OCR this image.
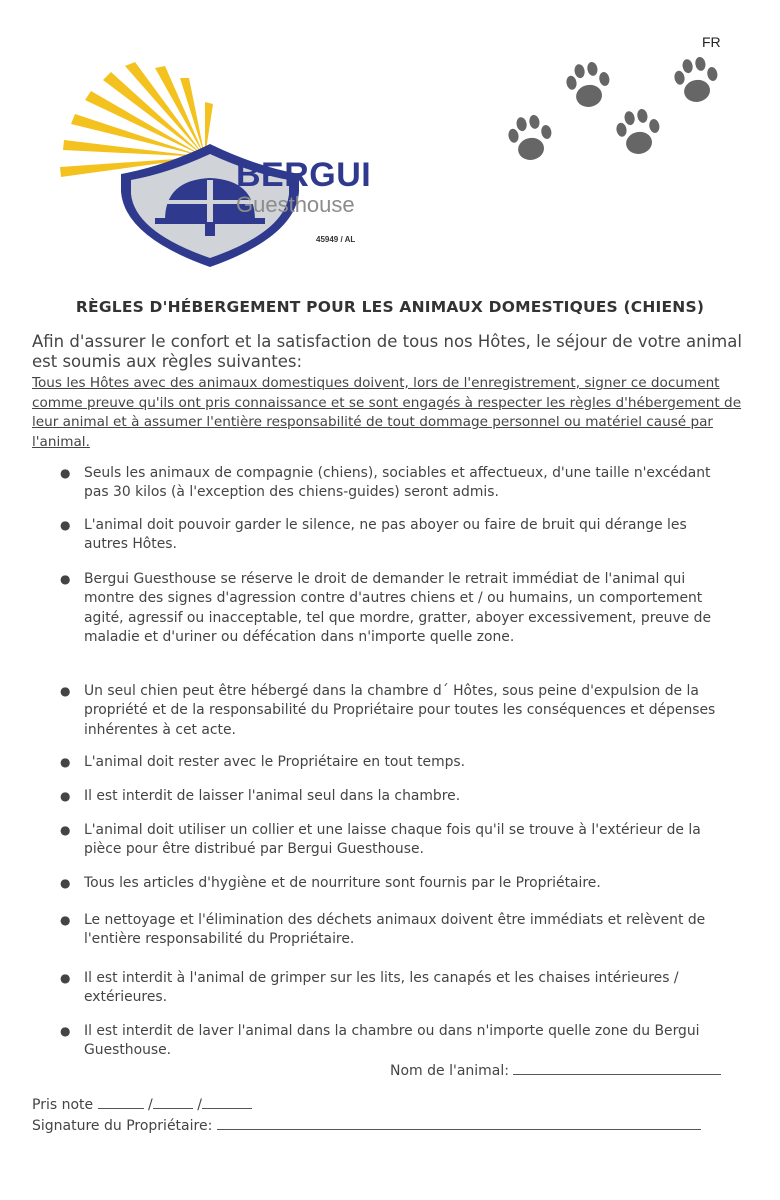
FR
BERGUI
Guesthouse
45949 / AL
RÈGLES D'HÉBERGEMENT POUR LES ANIMAUX DOMESTIQUES (CHIENS)
Afin d'assurer le confort et la satisfaction de tous nos Hôtes, le séjour de votre animal est soumis aux règles suivantes:
Tous les Hôtes avec des animaux domestiques doivent, lors de l'enregistrement, signer ce document comme preuve qu'ils ont pris connaissance et se sont engagés à respecter les règles d'hébergement de leur animal et à assumer l'entière responsabilité de tout dommage personnel ou matériel causé par l'animal.
● Seuls les animaux de compagnie (chiens), sociables et affectueux, d'une taille n'excédant pas 30 kilos (à l'exception des chiens-guides) seront admis.
● L'animal doit pouvoir garder le silence, ne pas aboyer ou faire de bruit qui dérange les autres Hôtes.
● Bergui Guesthouse se réserve le droit de demander le retrait immédiat de l'animal qui montre des signes d'agression contre d'autres chiens et / ou humains, un comportement agité, agressif ou inacceptable, tel que mordre, gratter, aboyer excessivement, preuve de maladie et d'uriner ou défécation dans n'importe quelle zone.
● Un seul chien peut être hébergé dans la chambre d´ Hôtes, sous peine d'expulsion de la propriété et de la responsabilité du Propriétaire pour toutes les conséquences et dépenses inhérentes à cet acte.
● L'animal doit rester avec le Propriétaire en tout temps.
● Il est interdit de laisser l'animal seul dans la chambre.
● L'animal doit utiliser un collier et une laisse chaque fois qu'il se trouve à l'extérieur de la pièce pour être distribué par Bergui Guesthouse.
● Tous les articles d'hygiène et de nourriture sont fournis par le Propriétaire.
● Le nettoyage et l'élimination des déchets animaux doivent être immédiats et relèvent de l'entière responsabilité du Propriétaire.
● Il est interdit à l'animal de grimper sur les lits, les canapés et les chaises intérieures / extérieures.
● Il est interdit de laver l'animal dans la chambre ou dans n'importe quelle zone du Bergui Guesthouse.
Nom de l'animal:
Pris note	/	/
Signature du Propriétaire:
